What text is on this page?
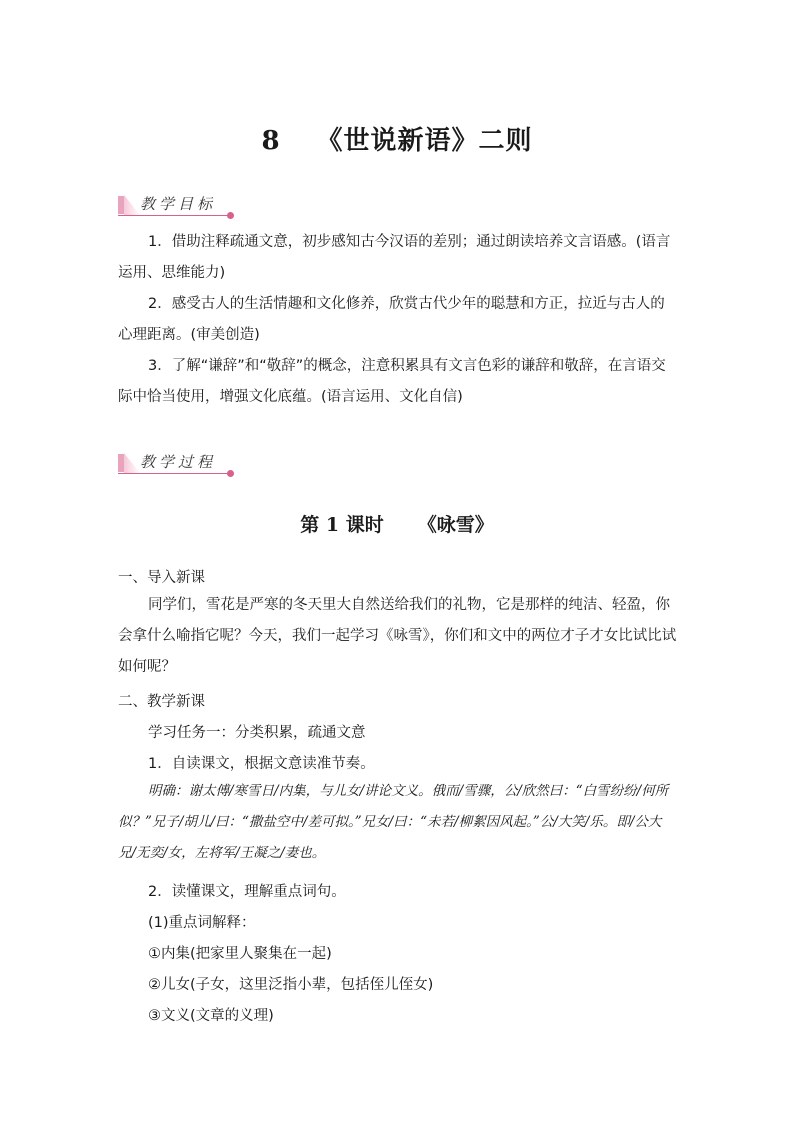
8 《世说新语》二则
教学目标
1．借助注释疏通文意，初步感知古今汉语的差别；通过朗读培养文言语感。(语言运用、思维能力)
2．感受古人的生活情趣和文化修养，欣赏古代少年的聪慧和方正，拉近与古人的心理距离。(审美创造)
3．了解“谦辞”和“敬辞”的概念，注意积累具有文言色彩的谦辞和敬辞，在言语交际中恰当使用，增强文化底蕴。(语言运用、文化自信)
教学过程
第 1 课时 《咏雪》
一、导入新课
同学们，雪花是严寒的冬天里大自然送给我们的礼物，它是那样的纯洁、轻盈，你会拿什么喻指它呢？今天，我们一起学习《咏雪》，你们和文中的两位才子才女比试比试如何呢？
二、教学新课
学习任务一：分类积累，疏通文意
1．自读课文，根据文意读准节奏。
明确：谢太傅/寒雪日/内集，与儿女/讲论文义。俄而/雪骤，公/欣然曰：“白雪纷纷/何所似？”兄子/胡儿/曰：“撒盐空中/差可拟。”兄女/曰：“未若/柳絮因风起。”公/大笑/乐。即/公大兄/无奕/女，左将军/王凝之/妻也。
2．读懂课文，理解重点词句。
(1)重点词解释：
①内集(把家里人聚集在一起)
②儿女(子女，这里泛指小辈，包括侄儿侄女)
③文义(文章的义理)
